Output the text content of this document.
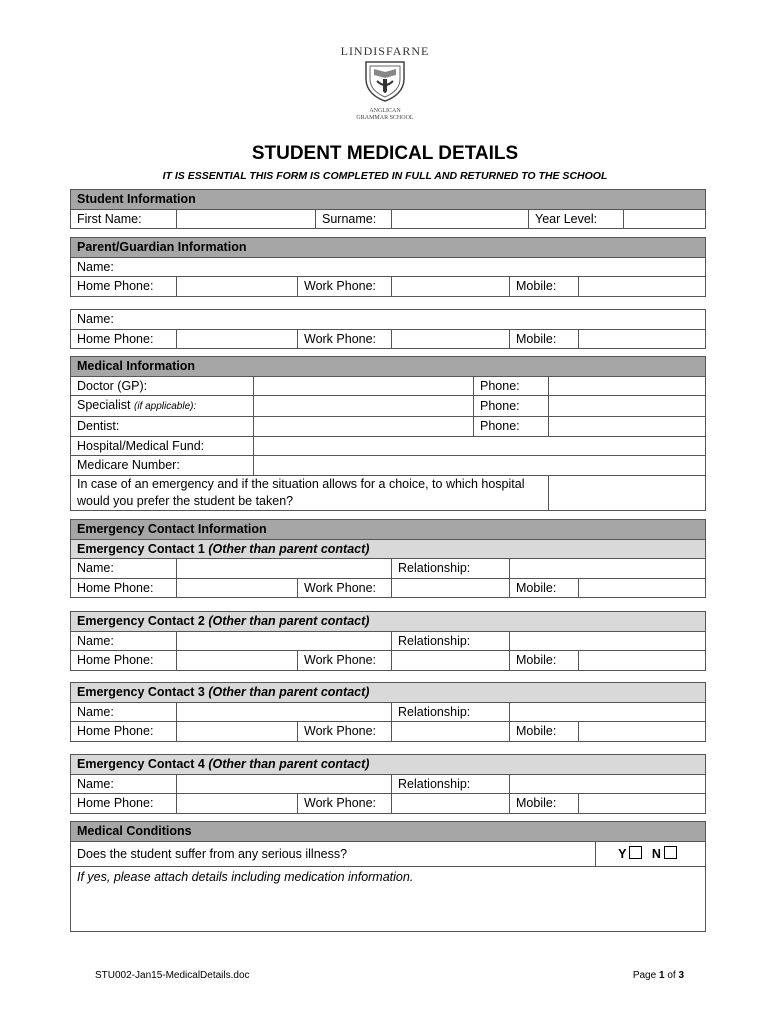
LINDISFARNE
ANGLICAN
GRAMMAR SCHOOL
STUDENT MEDICAL DETAILS
IT IS ESSENTIAL THIS FORM IS COMPLETED IN FULL AND RETURNED TO THE SCHOOL
Student Information
First Name:		Surname:		Year Level:	
Parent/Guardian Information
Name:
Home Phone:		Work Phone:		Mobile:	
Name:
Home Phone:		Work Phone:		Mobile:	
Medical Information			
Doctor (GP):		Phone:	
Specialist (if applicable):		Phone:	
Dentist:		Phone:	
Hospital/Medical Fund:			
Medicare Number:			
In case of an emergency and if the situation allows for a choice, to which hospital would you prefer the student be taken?			
Emergency Contact Information					
Emergency Contact 1 (Other than parent contact)					
Name:			Relationship:		
Home Phone:		Work Phone:		Mobile:	
Emergency Contact 2 (Other than parent contact)					
Name:			Relationship:		
Home Phone:		Work Phone:		Mobile:	
Emergency Contact 3 (Other than parent contact)					
Name:			Relationship:		
Home Phone:		Work Phone:		Mobile:	
Emergency Contact 4 (Other than parent contact)					
Name:			Relationship:		
Home Phone:		Work Phone:		Mobile:	
Medical Conditions
Does the student suffer from any serious illness?	Y N
If yes, please attach details including medication information.
STU002-Jan15-MedicalDetails.doc	Page 1 of 3
